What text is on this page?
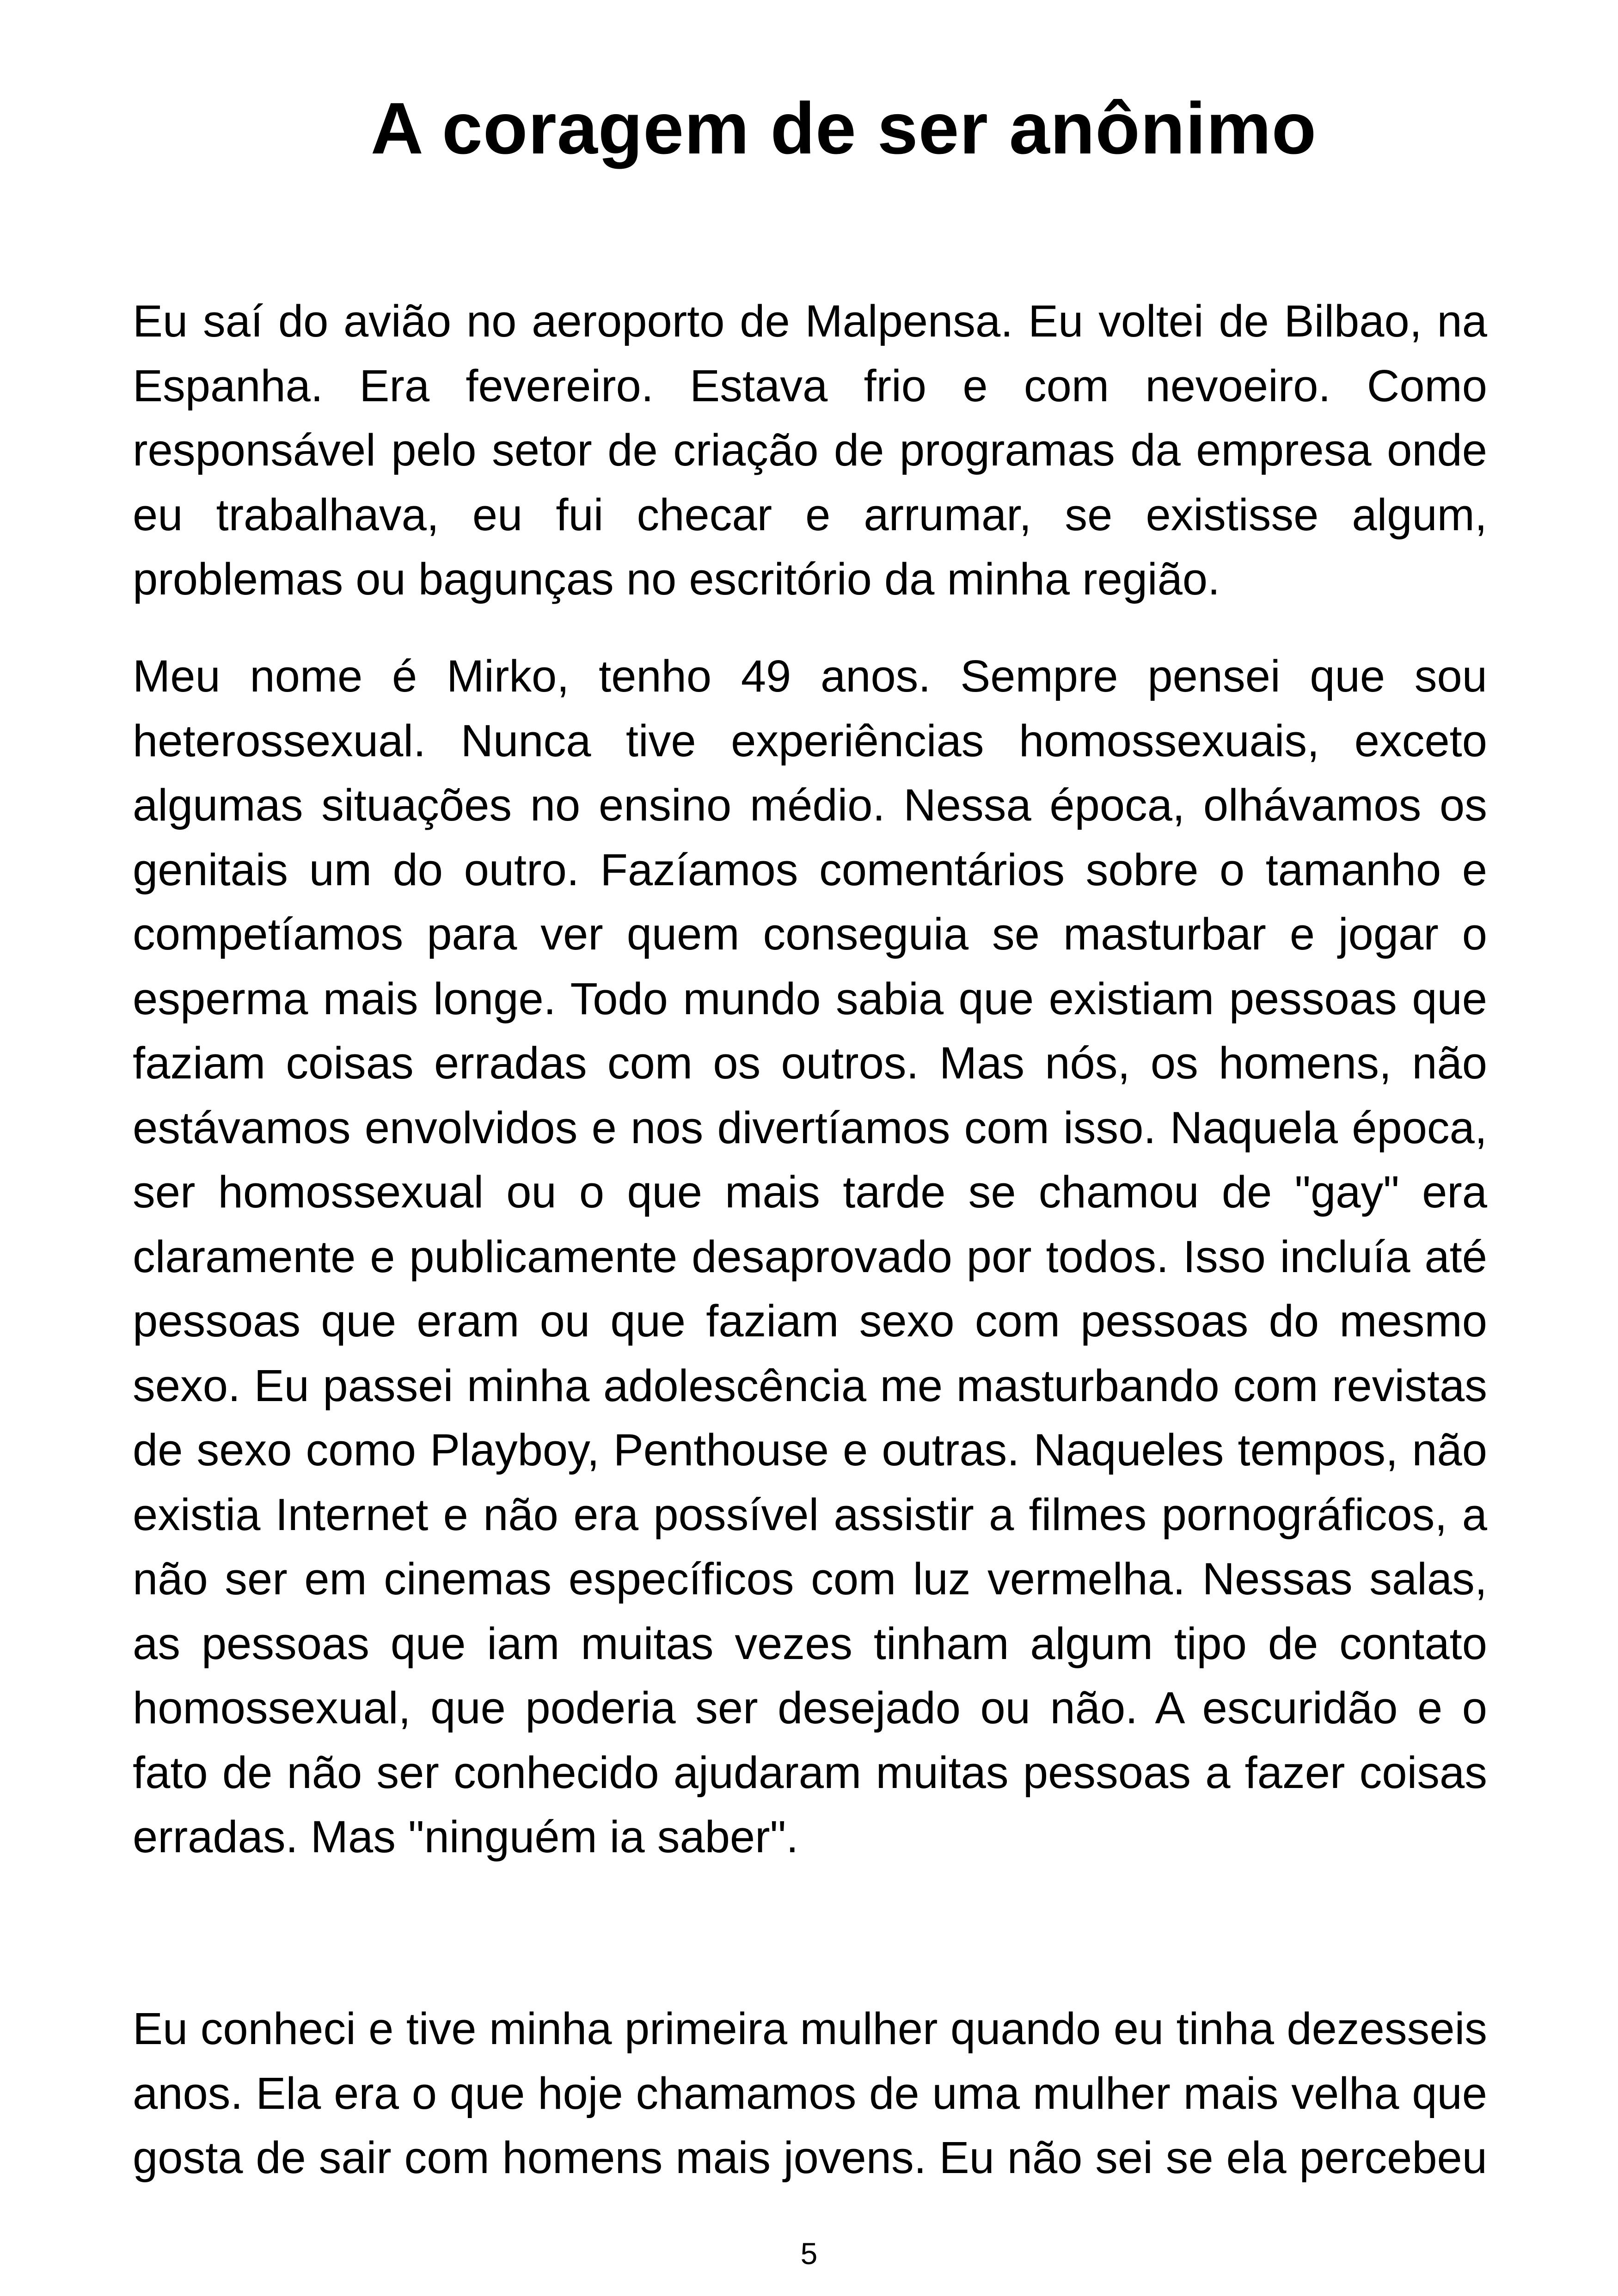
A coragem de ser anônimo

Eu saí do avião no aeroporto de Malpensa. Eu voltei de Bilbao, na
Espanha. Era fevereiro. Estava frio e com nevoeiro. Como
responsável pelo setor de criação de programas da empresa onde
eu trabalhava, eu fui checar e arrumar, se existisse algum,
problemas ou bagunças no escritório da minha região.

Meu nome é Mirko, tenho 49 anos. Sempre pensei que sou
heterossexual. Nunca tive experiências homossexuais, exceto
algumas situações no ensino médio. Nessa época, olhávamos os
genitais um do outro. Fazíamos comentários sobre o tamanho e
competíamos para ver quem conseguia se masturbar e jogar o
esperma mais longe. Todo mundo sabia que existiam pessoas que
faziam coisas erradas com os outros. Mas nós, os homens, não
estávamos envolvidos e nos divertíamos com isso. Naquela época,
ser homossexual ou o que mais tarde se chamou de "gay" era
claramente e publicamente desaprovado por todos. Isso incluía até
pessoas que eram ou que faziam sexo com pessoas do mesmo
sexo. Eu passei minha adolescência me masturbando com revistas
de sexo como Playboy, Penthouse e outras. Naqueles tempos, não
existia Internet e não era possível assistir a filmes pornográficos, a
não ser em cinemas específicos com luz vermelha. Nessas salas,
as pessoas que iam muitas vezes tinham algum tipo de contato
homossexual, que poderia ser desejado ou não. A escuridão e o
fato de não ser conhecido ajudaram muitas pessoas a fazer coisas
erradas. Mas "ninguém ia saber".

Eu conheci e tive minha primeira mulher quando eu tinha dezesseis
anos. Ela era o que hoje chamamos de uma mulher mais velha que
gosta de sair com homens mais jovens. Eu não sei se ela percebeu

5
